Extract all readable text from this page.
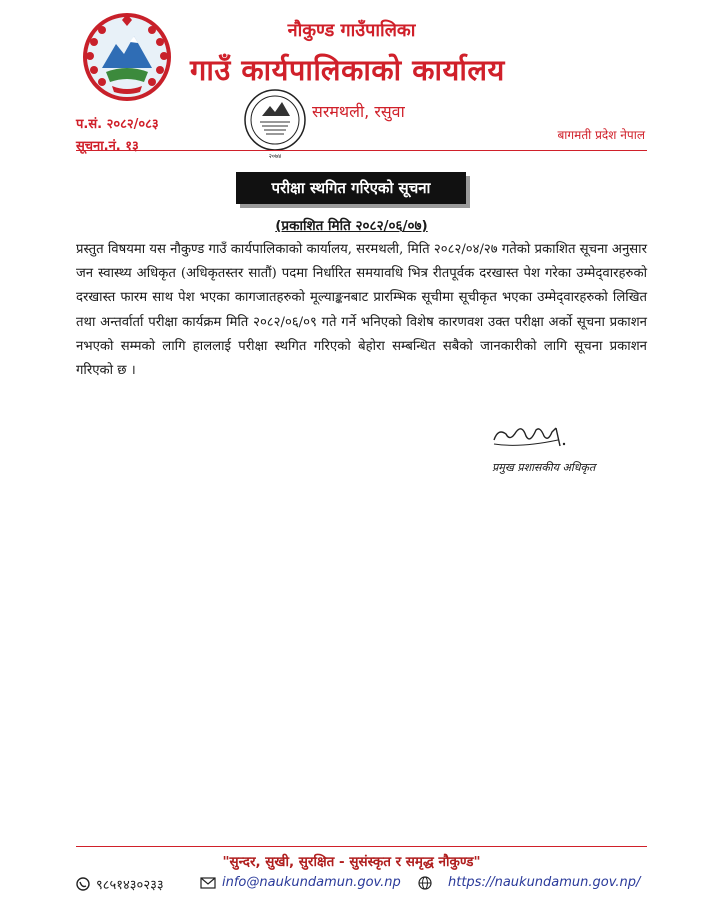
नौकुण्ड गाउँपालिका
गाउँ कार्यपालिकाको कार्यालय
सरमथली, रसुवा
प.सं. २०८२/०८३
सूचना.नं. १३
बागमती प्रदेश नेपाल
२०७४
परीक्षा स्थगित गरिएको सूचना
(प्रकाशित मिति २०८२/०६/०७)
प्रस्तुत विषयमा यस नौकुण्ड गाउँ कार्यपालिकाको कार्यालय, सरमथली, मिति २०८२/०४/२७ गतेको प्रकाशित सूचना अनुसार जन स्वास्थ्य अधिकृत (अधिकृतस्तर सातौं) पदमा निर्धारित समयावधि भित्र रीतपूर्वक दरखास्त पेश गरेका उम्मेद्‌वारहरुको दरखास्त फारम साथ पेश भएका कागजातहरुको मूल्याङ्कनबाट प्रारम्भिक सूचीमा सूचीकृत भएका उम्मेद्‌वारहरुको लिखित तथा अन्तर्वार्ता परीक्षा कार्यक्रम मिति २०८२/०६/०९ गते गर्ने भनिएको विशेष कारणवश उक्त परीक्षा अर्को सूचना प्रकाशन नभएको सम्मको लागि हाललाई परीक्षा स्थगित गरिएको बेहोरा सम्बन्धित सबैको जानकारीको लागि सूचना प्रकाशन गरिएको छ ।
प्रमुख प्रशासकीय अधिकृत
"सुन्दर, सुखी, सुरक्षित - सुसंस्कृत र समृद्ध नौकुण्ड"
९८५१४३०२३३	info@naukundamun.gov.np	https://naukundamun.gov.np/
